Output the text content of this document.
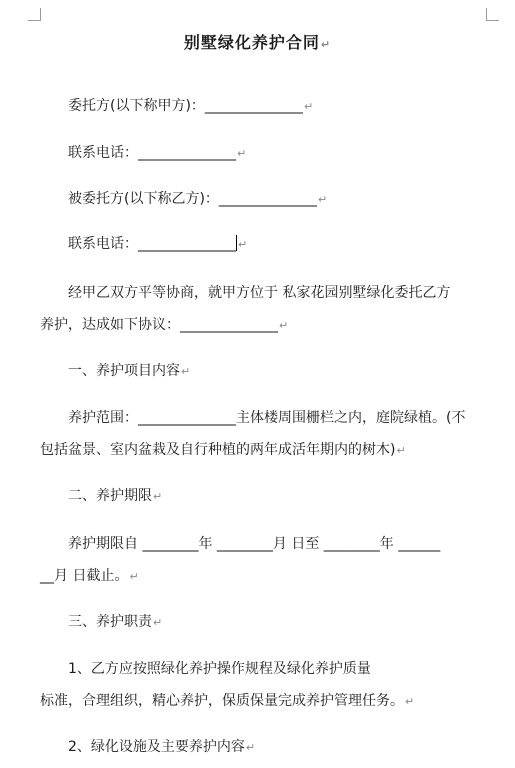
别墅绿化养护合同↵
委托方(以下称甲方)：______________↵
联系电话：______________↵
被委托方(以下称乙方)：______________↵
联系电话：______________ ↵
经甲乙双方平等协商，就甲方位于 私家花园别墅绿化委托乙方
养护，达成如下协议：______________↵
一、养护项目内容↵
养护范围：______________主体楼周围栅栏之内，庭院绿植。(不
包括盆景、室内盆栽及自行种植的两年成活年期内的树木)↵
二、养护期限↵
养护期限自 ________年 ________月 日至 ________年 ______
__月 日截止。↵
三、养护职责↵
1、乙方应按照绿化养护操作规程及绿化养护质量
标准，合理组织，精心养护，保质保量完成养护管理任务。↵
2、绿化设施及主要养护内容↵
